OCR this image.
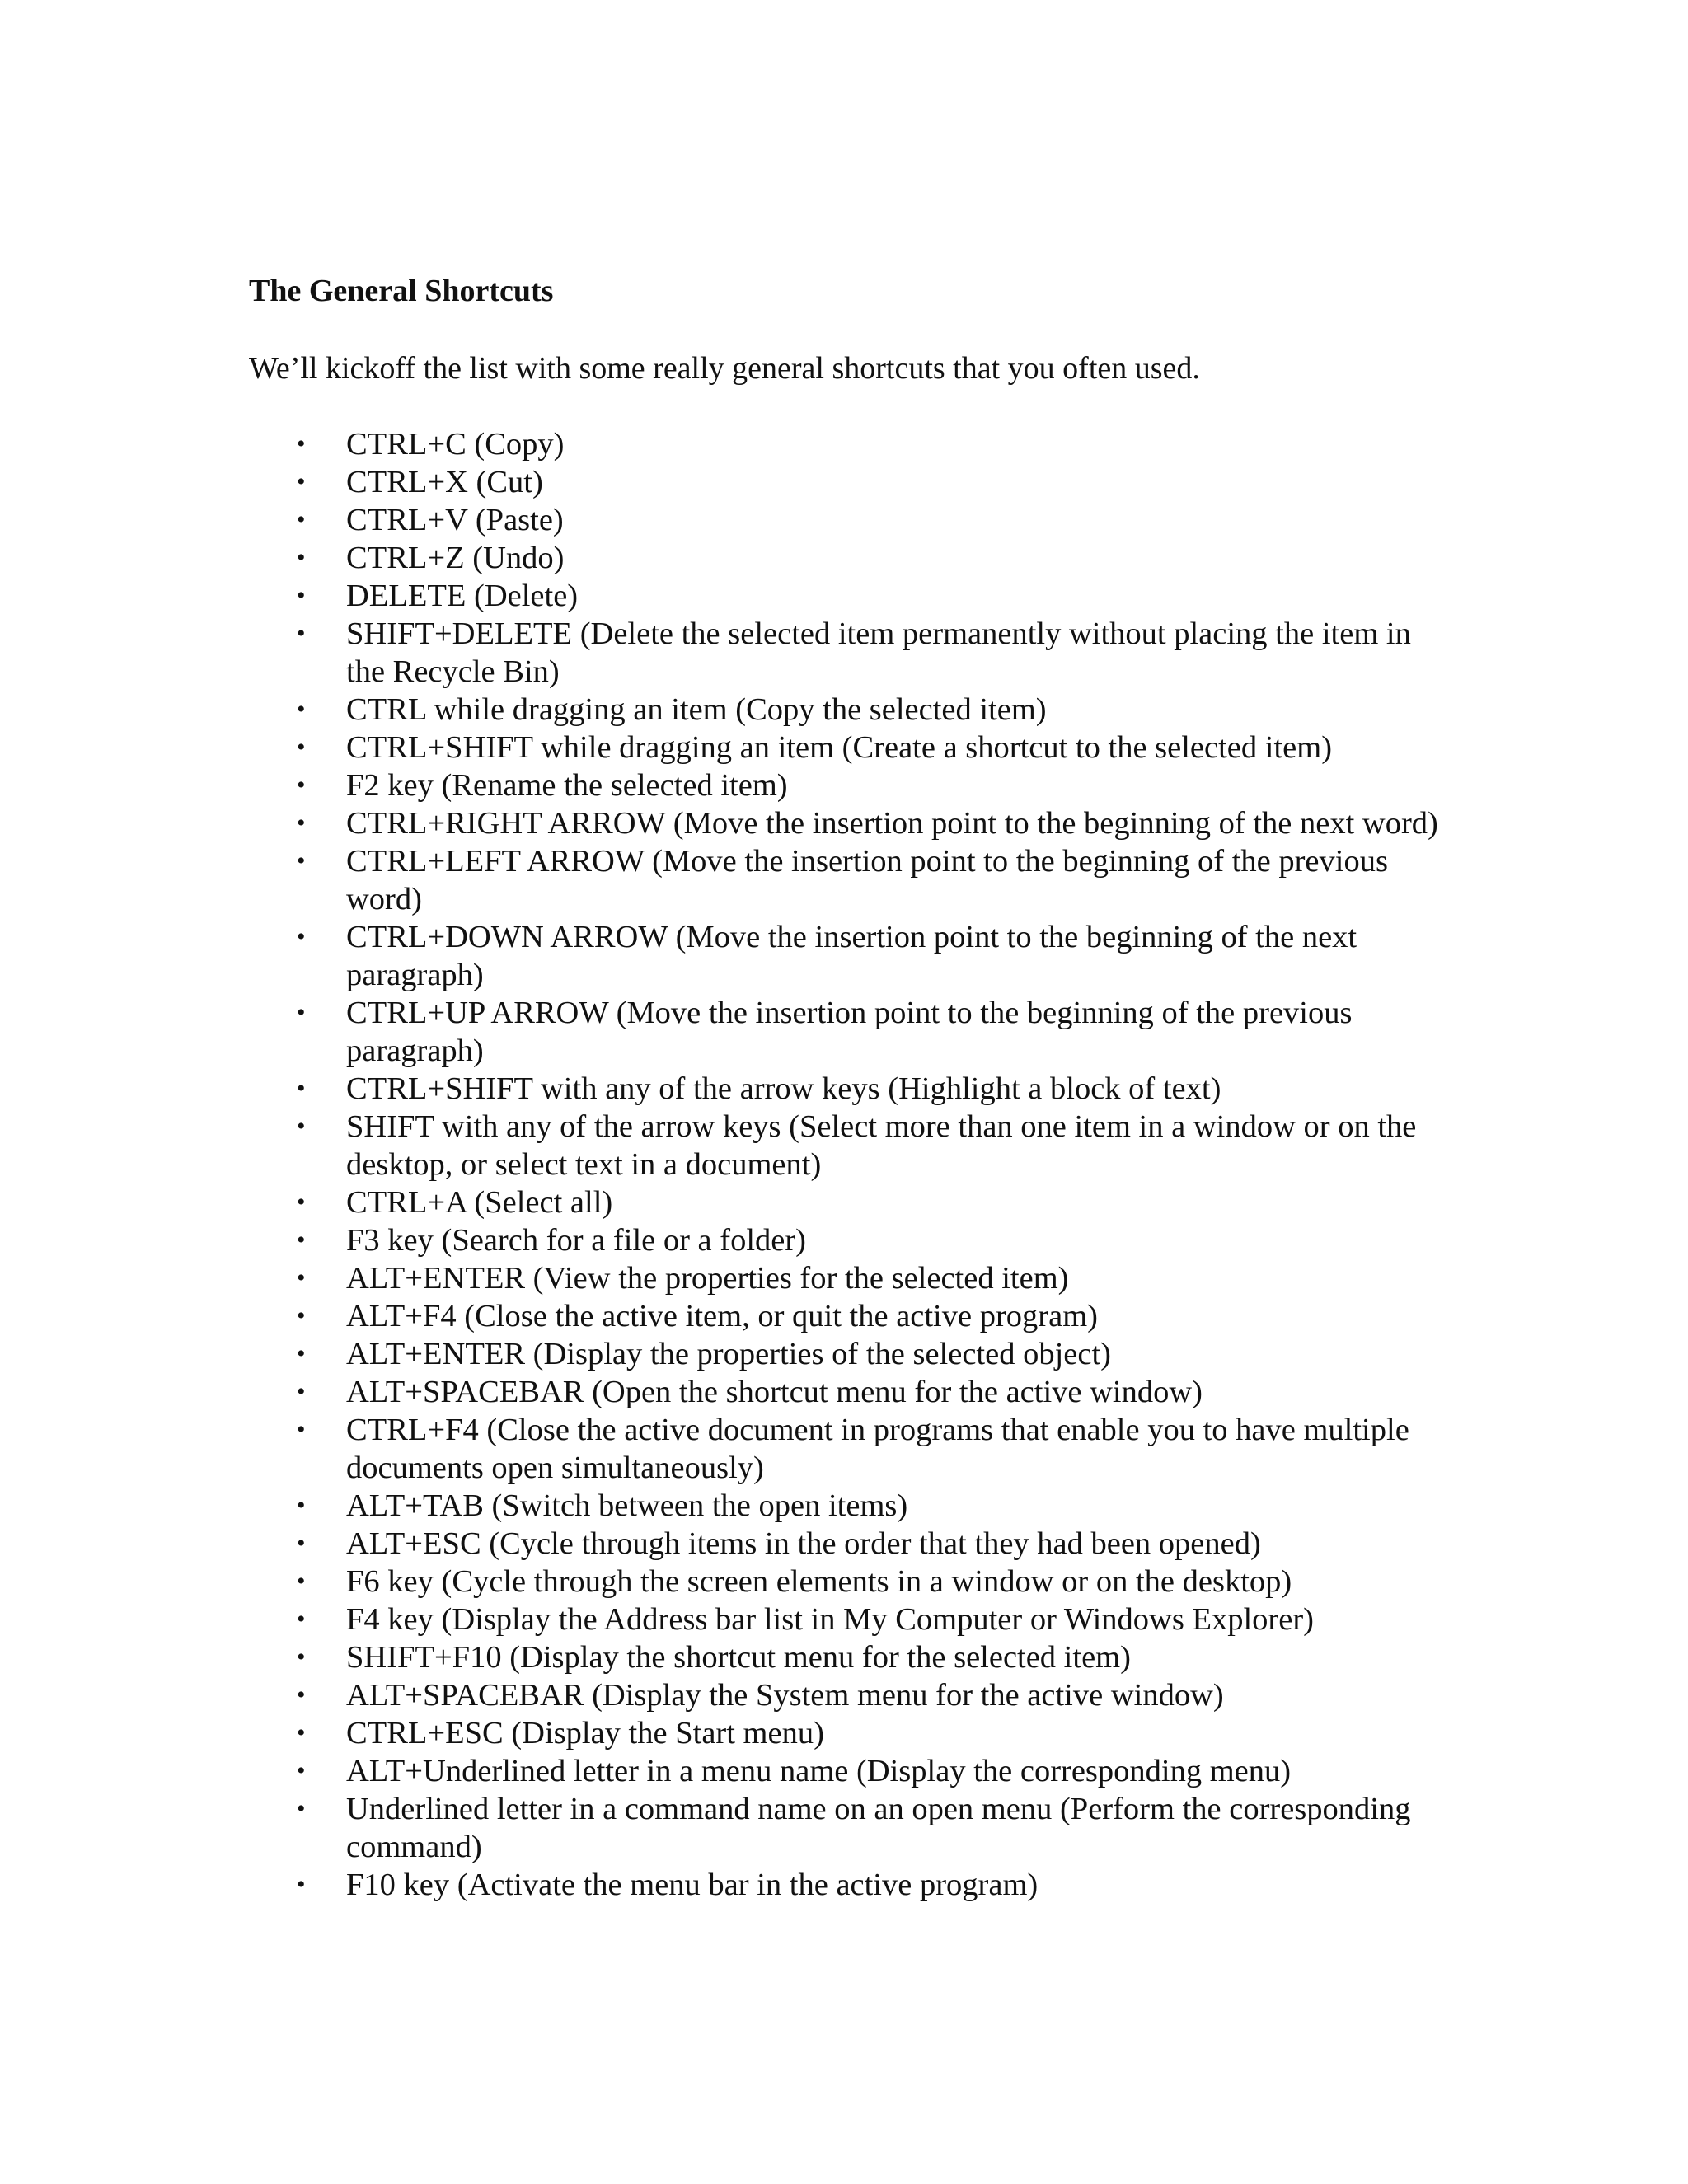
The General Shortcuts

We’ll kickoff the list with some really general shortcuts that you often used.

• CTRL+C (Copy)
• CTRL+X (Cut)
• CTRL+V (Paste)
• CTRL+Z (Undo)
• DELETE (Delete)
• SHIFT+DELETE (Delete the selected item permanently without placing the item in the Recycle Bin)
• CTRL while dragging an item (Copy the selected item)
• CTRL+SHIFT while dragging an item (Create a shortcut to the selected item)
• F2 key (Rename the selected item)
• CTRL+RIGHT ARROW (Move the insertion point to the beginning of the next word)
• CTRL+LEFT ARROW (Move the insertion point to the beginning of the previous word)
• CTRL+DOWN ARROW (Move the insertion point to the beginning of the next paragraph)
• CTRL+UP ARROW (Move the insertion point to the beginning of the previous paragraph)
• CTRL+SHIFT with any of the arrow keys (Highlight a block of text)
• SHIFT with any of the arrow keys (Select more than one item in a window or on the desktop, or select text in a document)
• CTRL+A (Select all)
• F3 key (Search for a file or a folder)
• ALT+ENTER (View the properties for the selected item)
• ALT+F4 (Close the active item, or quit the active program)
• ALT+ENTER (Display the properties of the selected object)
• ALT+SPACEBAR (Open the shortcut menu for the active window)
• CTRL+F4 (Close the active document in programs that enable you to have multiple documents open simultaneously)
• ALT+TAB (Switch between the open items)
• ALT+ESC (Cycle through items in the order that they had been opened)
• F6 key (Cycle through the screen elements in a window or on the desktop)
• F4 key (Display the Address bar list in My Computer or Windows Explorer)
• SHIFT+F10 (Display the shortcut menu for the selected item)
• ALT+SPACEBAR (Display the System menu for the active window)
• CTRL+ESC (Display the Start menu)
• ALT+Underlined letter in a menu name (Display the corresponding menu)
• Underlined letter in a command name on an open menu (Perform the corresponding command)
• F10 key (Activate the menu bar in the active program)
